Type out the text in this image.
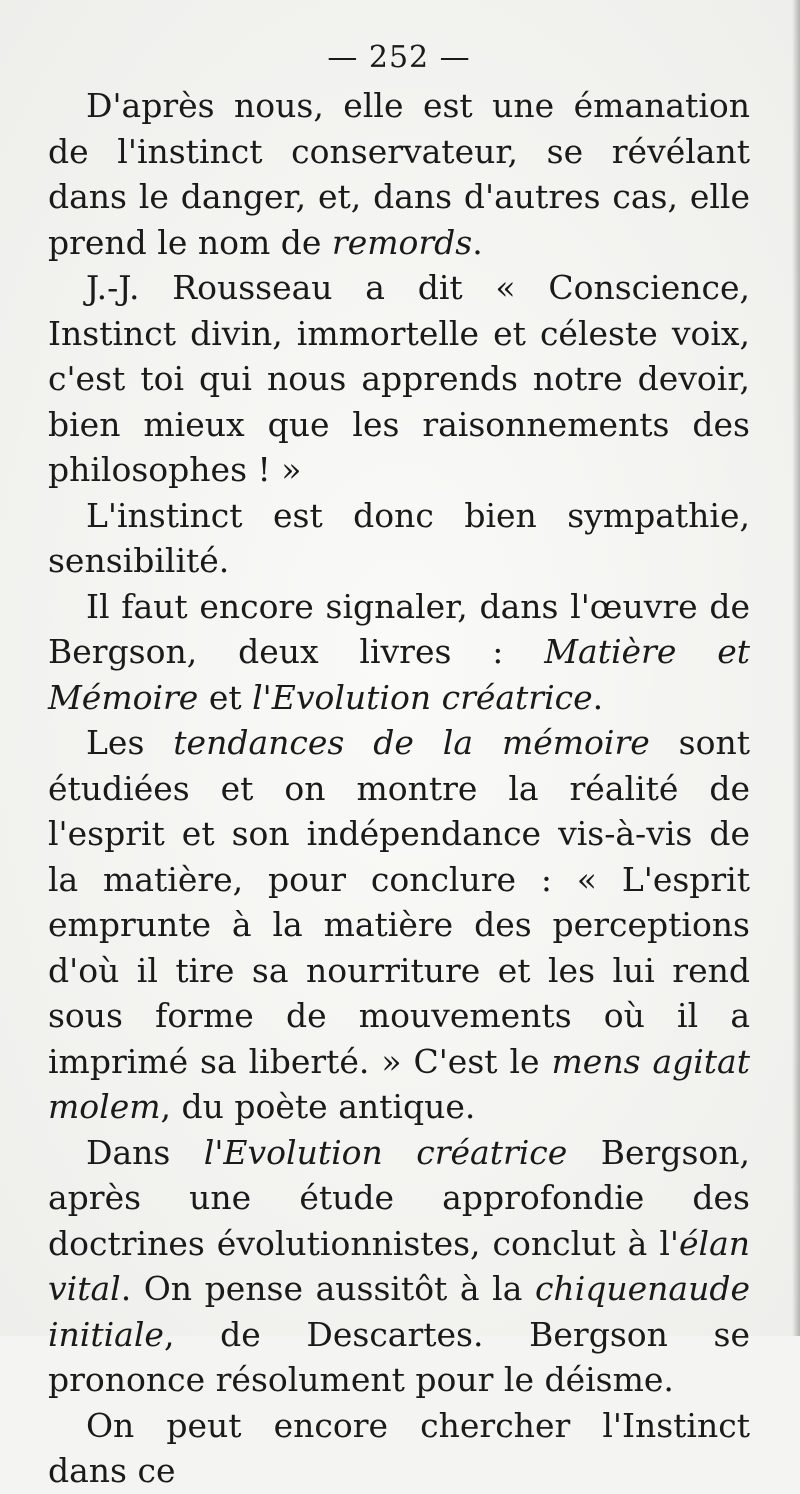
— 252 —

D'après nous, elle est une émanation de l'instinct conservateur, se révélant dans le danger, et, dans d'autres cas, elle prend le nom de remords.

J.-J. Rousseau a dit « Conscience, Instinct divin, immortelle et céleste voix, c'est toi qui nous apprends notre devoir, bien mieux que les raisonnements des philosophes ! »

L'instinct est donc bien sympathie, sensibilité.

Il faut encore signaler, dans l'œuvre de Bergson, deux livres : Matière et Mémoire et l'Evolution créatrice.

Les tendances de la mémoire sont étudiées et on montre la réalité de l'esprit et son indépendance vis-à-vis de la matière, pour conclure : « L'esprit emprunte à la matière des perceptions d'où il tire sa nourriture et les lui rend sous forme de mouvements où il a imprimé sa liberté. » C'est le mens agitat molem, du poète antique.

Dans l'Evolution créatrice Bergson, après une étude approfondie des doctrines évolutionnistes, conclut à l'élan vital. On pense aussitôt à la chiquenaude initiale, de Descartes. Bergson se prononce résolument pour le déisme.

On peut encore chercher l'Instinct dans ce
